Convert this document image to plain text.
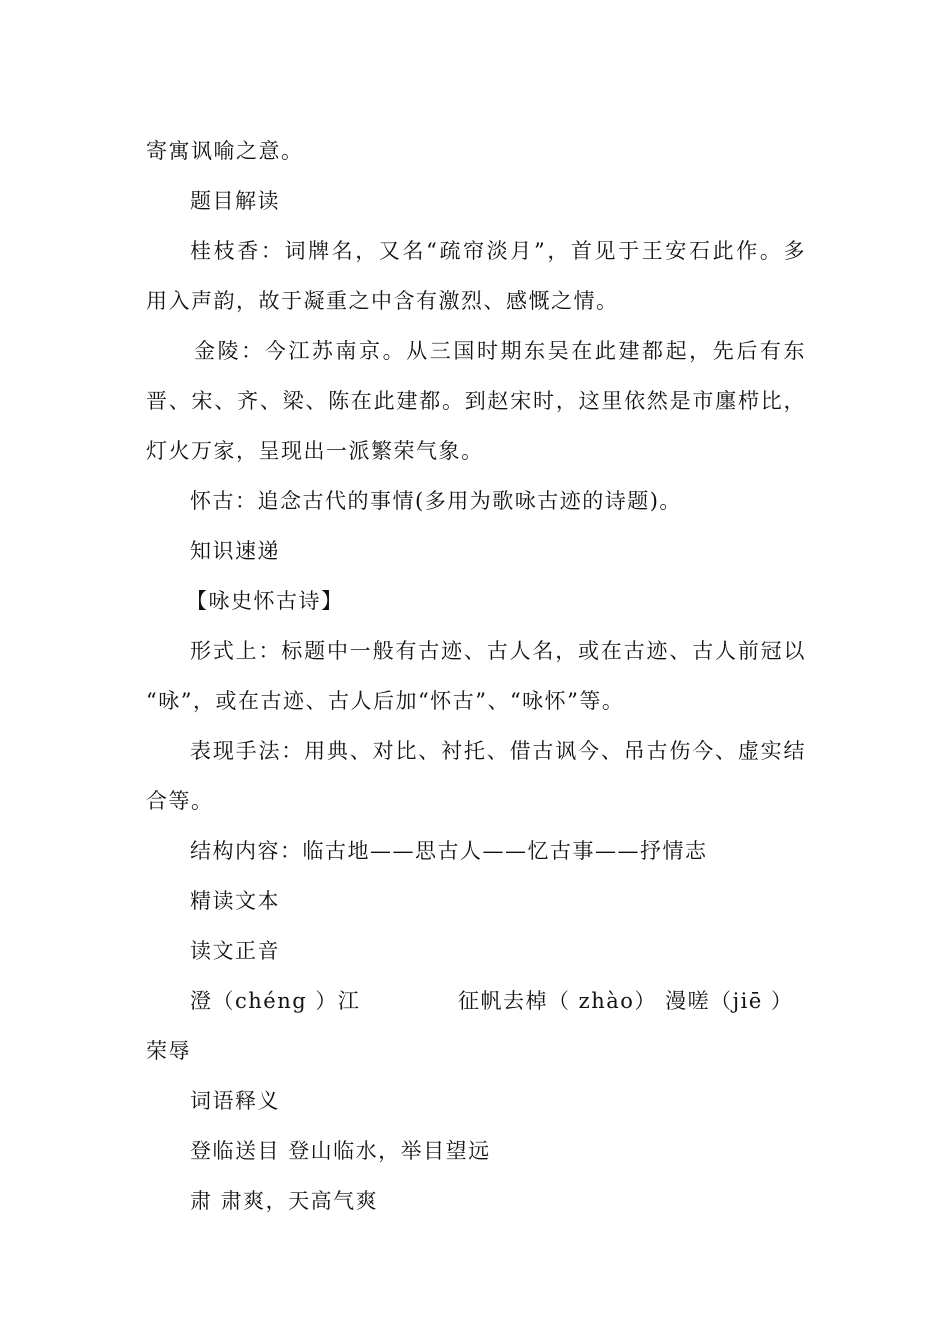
寄寓讽喻之意。
题目解读
桂枝香：词牌名，又名“疏帘淡月”，首见于王安石此作。多
用入声韵，故于凝重之中含有激烈、感慨之情。
金陵：今江苏南京。从三国时期东吴在此建都起，先后有东
晋、宋、齐、梁、陈在此建都。到赵宋时，这里依然是市廛栉比，
灯火万家，呈现出一派繁荣气象。
怀古：追念古代的事情(多用为歌咏古迹的诗题)。
知识速递
【咏史怀古诗】
形式上：标题中一般有古迹、古人名，或在古迹、古人前冠以
“咏”，或在古迹、古人后加“怀古”、“咏怀”等。
表现手法：用典、对比、衬托、借古讽今、吊古伤今、虚实结
合等。
结构内容：临古地——思古人——忆古事——抒情志
精读文本
读文正音
澄（chéng ）江	征帆去棹（ zhào） 漫嗟（jiē ）
荣辱
词语释义
登临送目 登山临水，举目望远
肃 肃爽，天高气爽
